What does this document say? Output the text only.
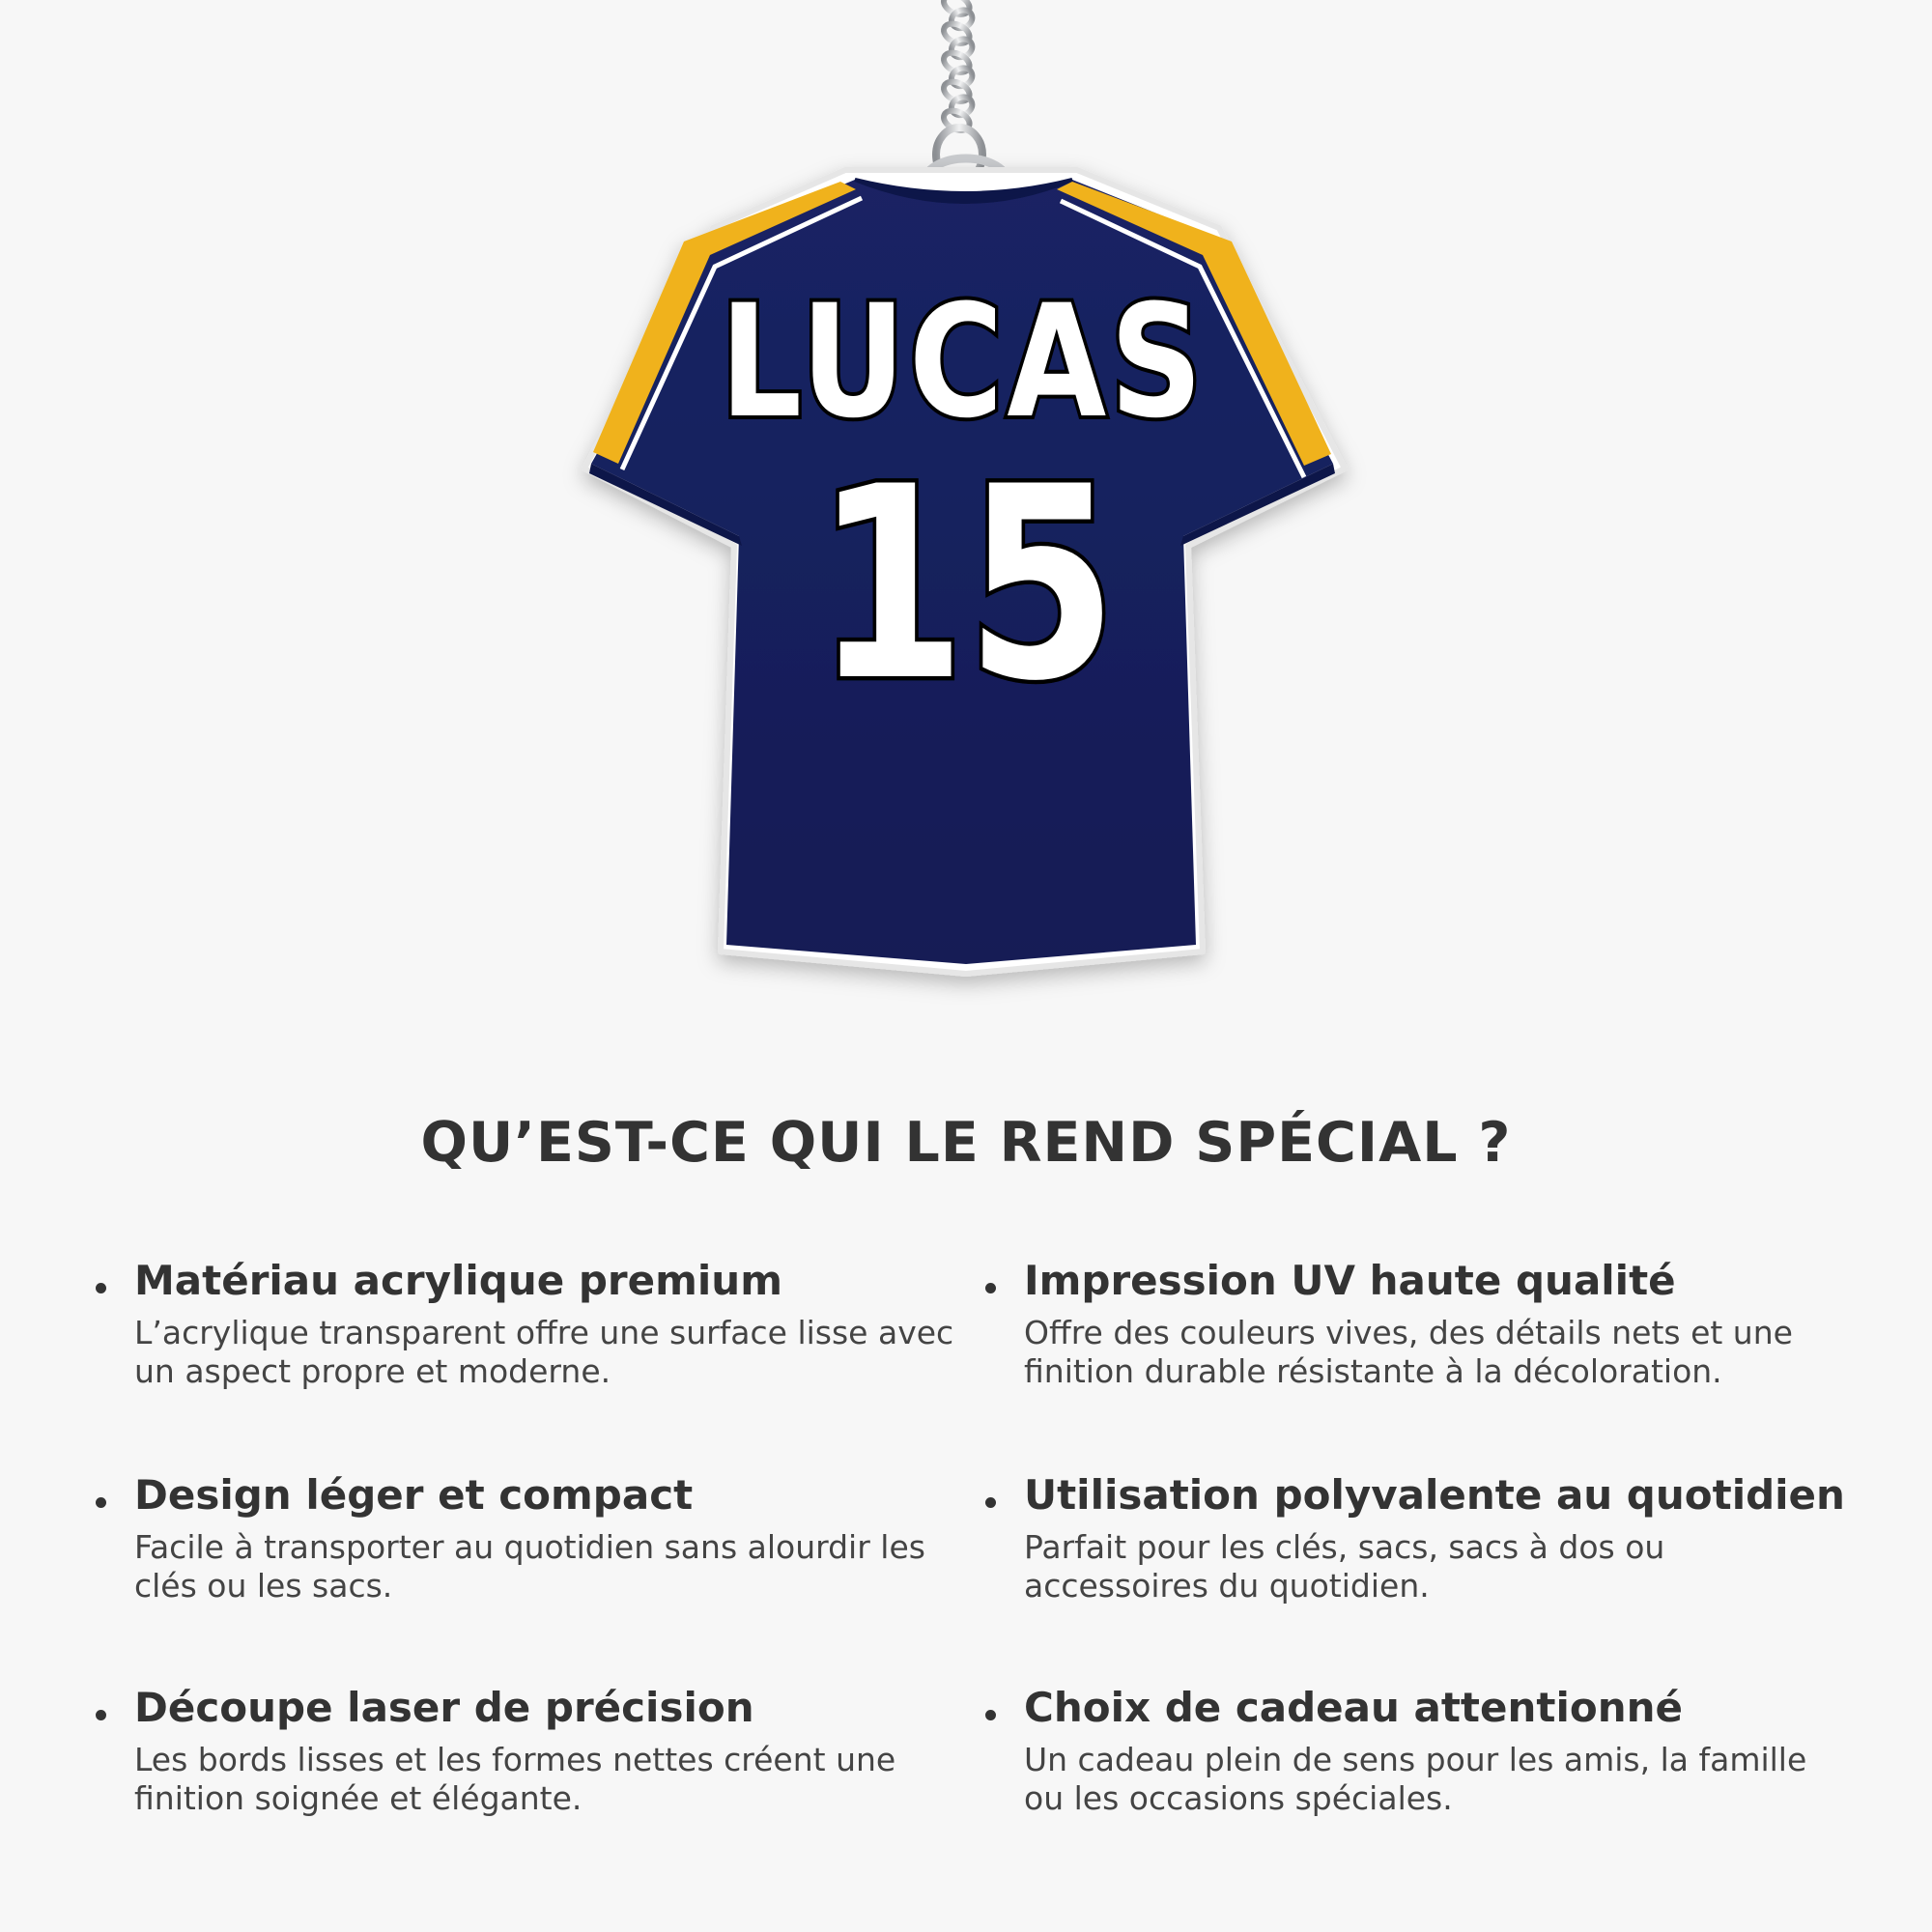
LUCAS
15
QU’EST-CE QUI LE REND SPÉCIAL ?
Matériau acrylique premium

L’acrylique transparent offre une surface lisse avec un aspect propre et moderne.

Impression UV haute qualité

Offre des couleurs vives, des détails nets et une finition durable résistante à la décoloration.

Design léger et compact

Facile à transporter au quotidien sans alourdir les clés ou les sacs.

Utilisation polyvalente au quotidien

Parfait pour les clés, sacs, sacs à dos ou accessoires du quotidien.

Découpe laser de précision

Les bords lisses et les formes nettes créent une finition soignée et élégante.

Choix de cadeau attentionné

Un cadeau plein de sens pour les amis, la famille ou les occasions spéciales.
